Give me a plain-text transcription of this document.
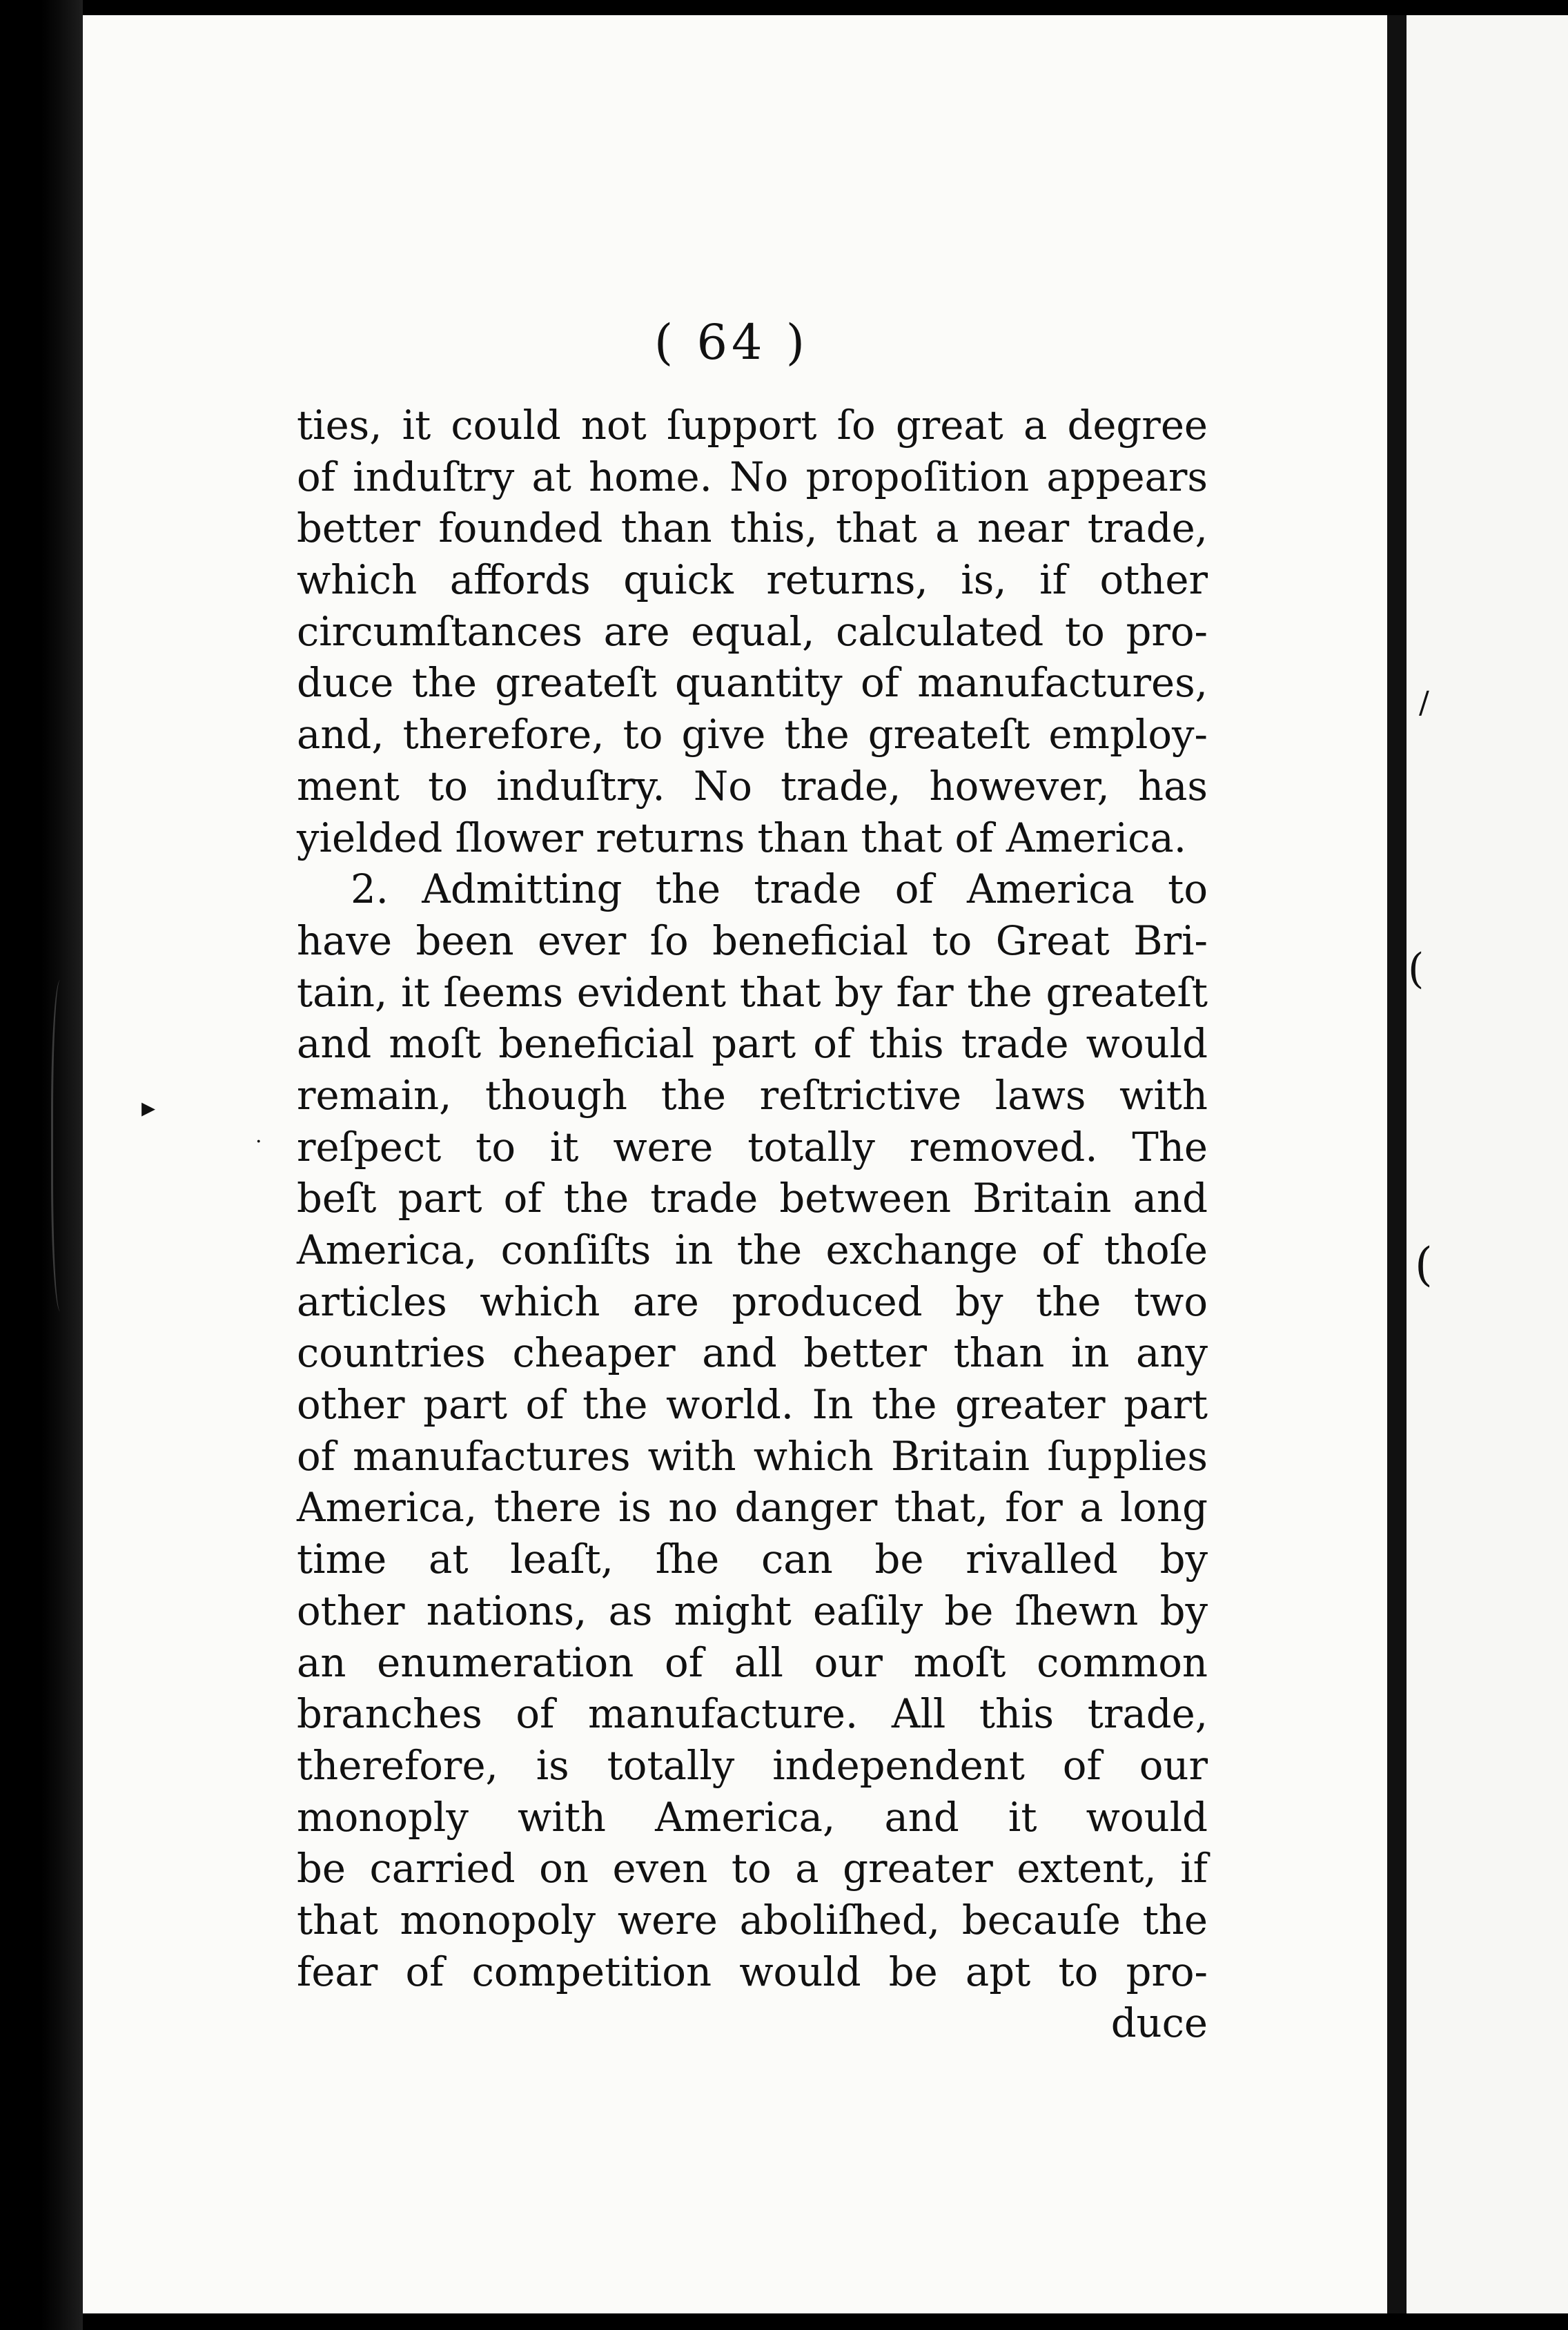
/
(
(
▸
·
( 64 )
ties, it could not ſupport ſo great a degree
of induſtry at home. No propoſition appears
better founded than this, that a near trade,
which affords quick returns, is, if other
circumſtances are equal, calculated to pro-
duce the greateſt quantity of manufactures,
and, therefore, to give the greateſt employ-
ment to induſtry. No trade, however, has
yielded ſlower returns than that of America.
2. Admitting the trade of America to
have been ever ſo beneficial to Great Bri-
tain, it ſeems evident that by far the greateſt
and moſt beneficial part of this trade would
remain, though the reſtrictive laws with
reſpect to it were totally removed. The
beſt part of the trade between Britain and
America, conſiſts in the exchange of thoſe
articles which are produced by the two
countries cheaper and better than in any
other part of the world. In the greater part
of manufactures with which Britain ſupplies
America, there is no danger that, for a long
time at leaſt, ſhe can be rivalled by
other nations, as might eaſily be ſhewn by
an enumeration of all our moſt common
branches of manufacture. All this trade,
therefore, is totally independent of our
monoply with America, and it would
be carried on even to a greater extent, if
that monopoly were aboliſhed, becauſe the
fear of competition would be apt to pro-
duce
